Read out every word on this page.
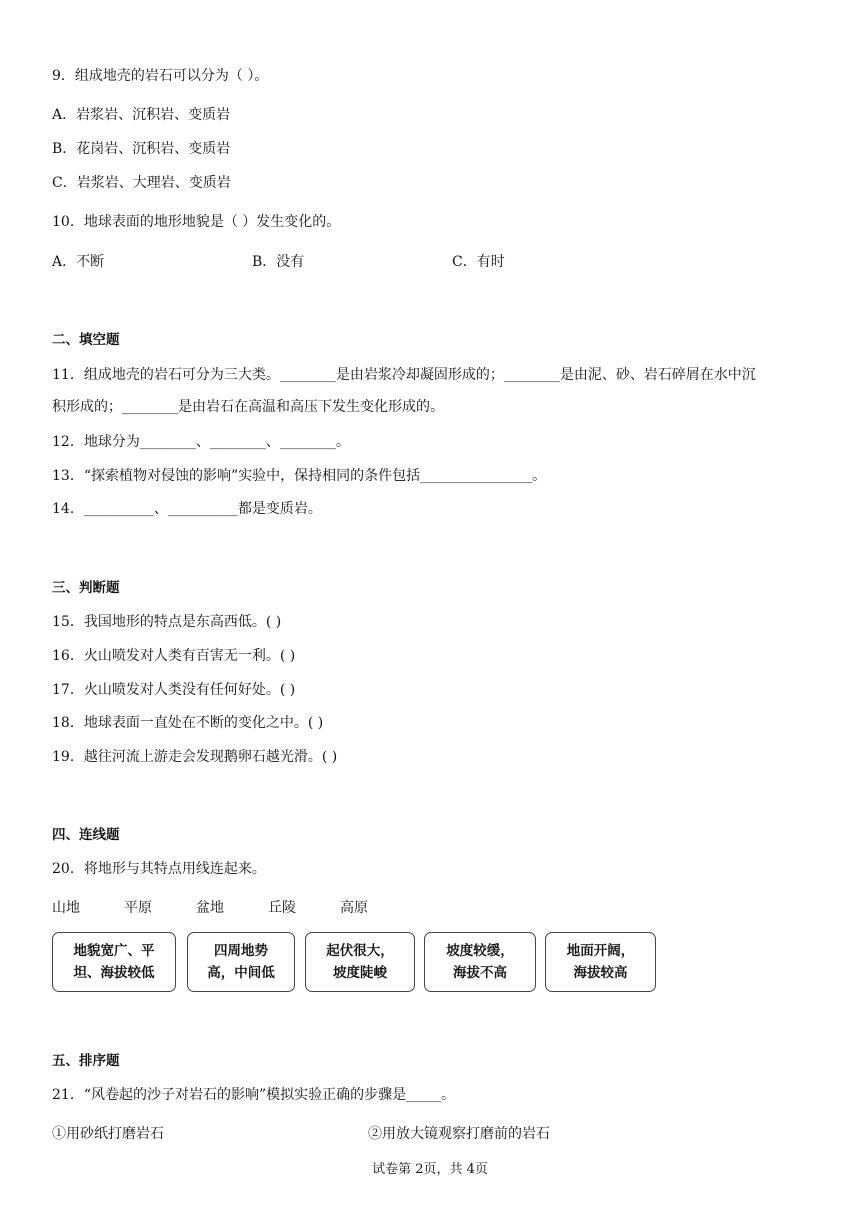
9．组成地壳的岩石可以分为（ ）。
A．岩浆岩、沉积岩、变质岩
B．花岗岩、沉积岩、变质岩
C．岩浆岩、大理岩、变质岩
10．地球表面的地形地貌是（ ）发生变化的。
A．不断	B．没有	C．有时
二、填空题
11．组成地壳的岩石可分为三大类。________是由岩浆冷却凝固形成的；________是由泥、砂、岩石碎屑在水中沉
积形成的；________是由岩石在高温和高压下发生变化形成的。
12．地球分为________、________、________。
13．“探索植物对侵蚀的影响”实验中，保持相同的条件包括________________。
14．__________、__________都是变质岩。
三、判断题
15．我国地形的特点是东高西低。( )
16．火山喷发对人类有百害无一利。( )
17．火山喷发对人类没有任何好处。( )
18．地球表面一直处在不断的变化之中。( )
19．越往河流上游走会发现鹅卵石越光滑。( )
四、连线题
20．将地形与其特点用线连起来。
山地	平原	盆地	丘陵	高原
地貌宽广、平
坦、海拔较低
四周地势
高，中间低
起伏很大，
坡度陡峻
坡度较缓，
海拔不高
地面开阔，
海拔较高
五、排序题
21．“风卷起的沙子对岩石的影响”模拟实验正确的步骤是_____。
①用砂纸打磨岩石	②用放大镜观察打磨前的岩石
试卷第 2页，共 4页
